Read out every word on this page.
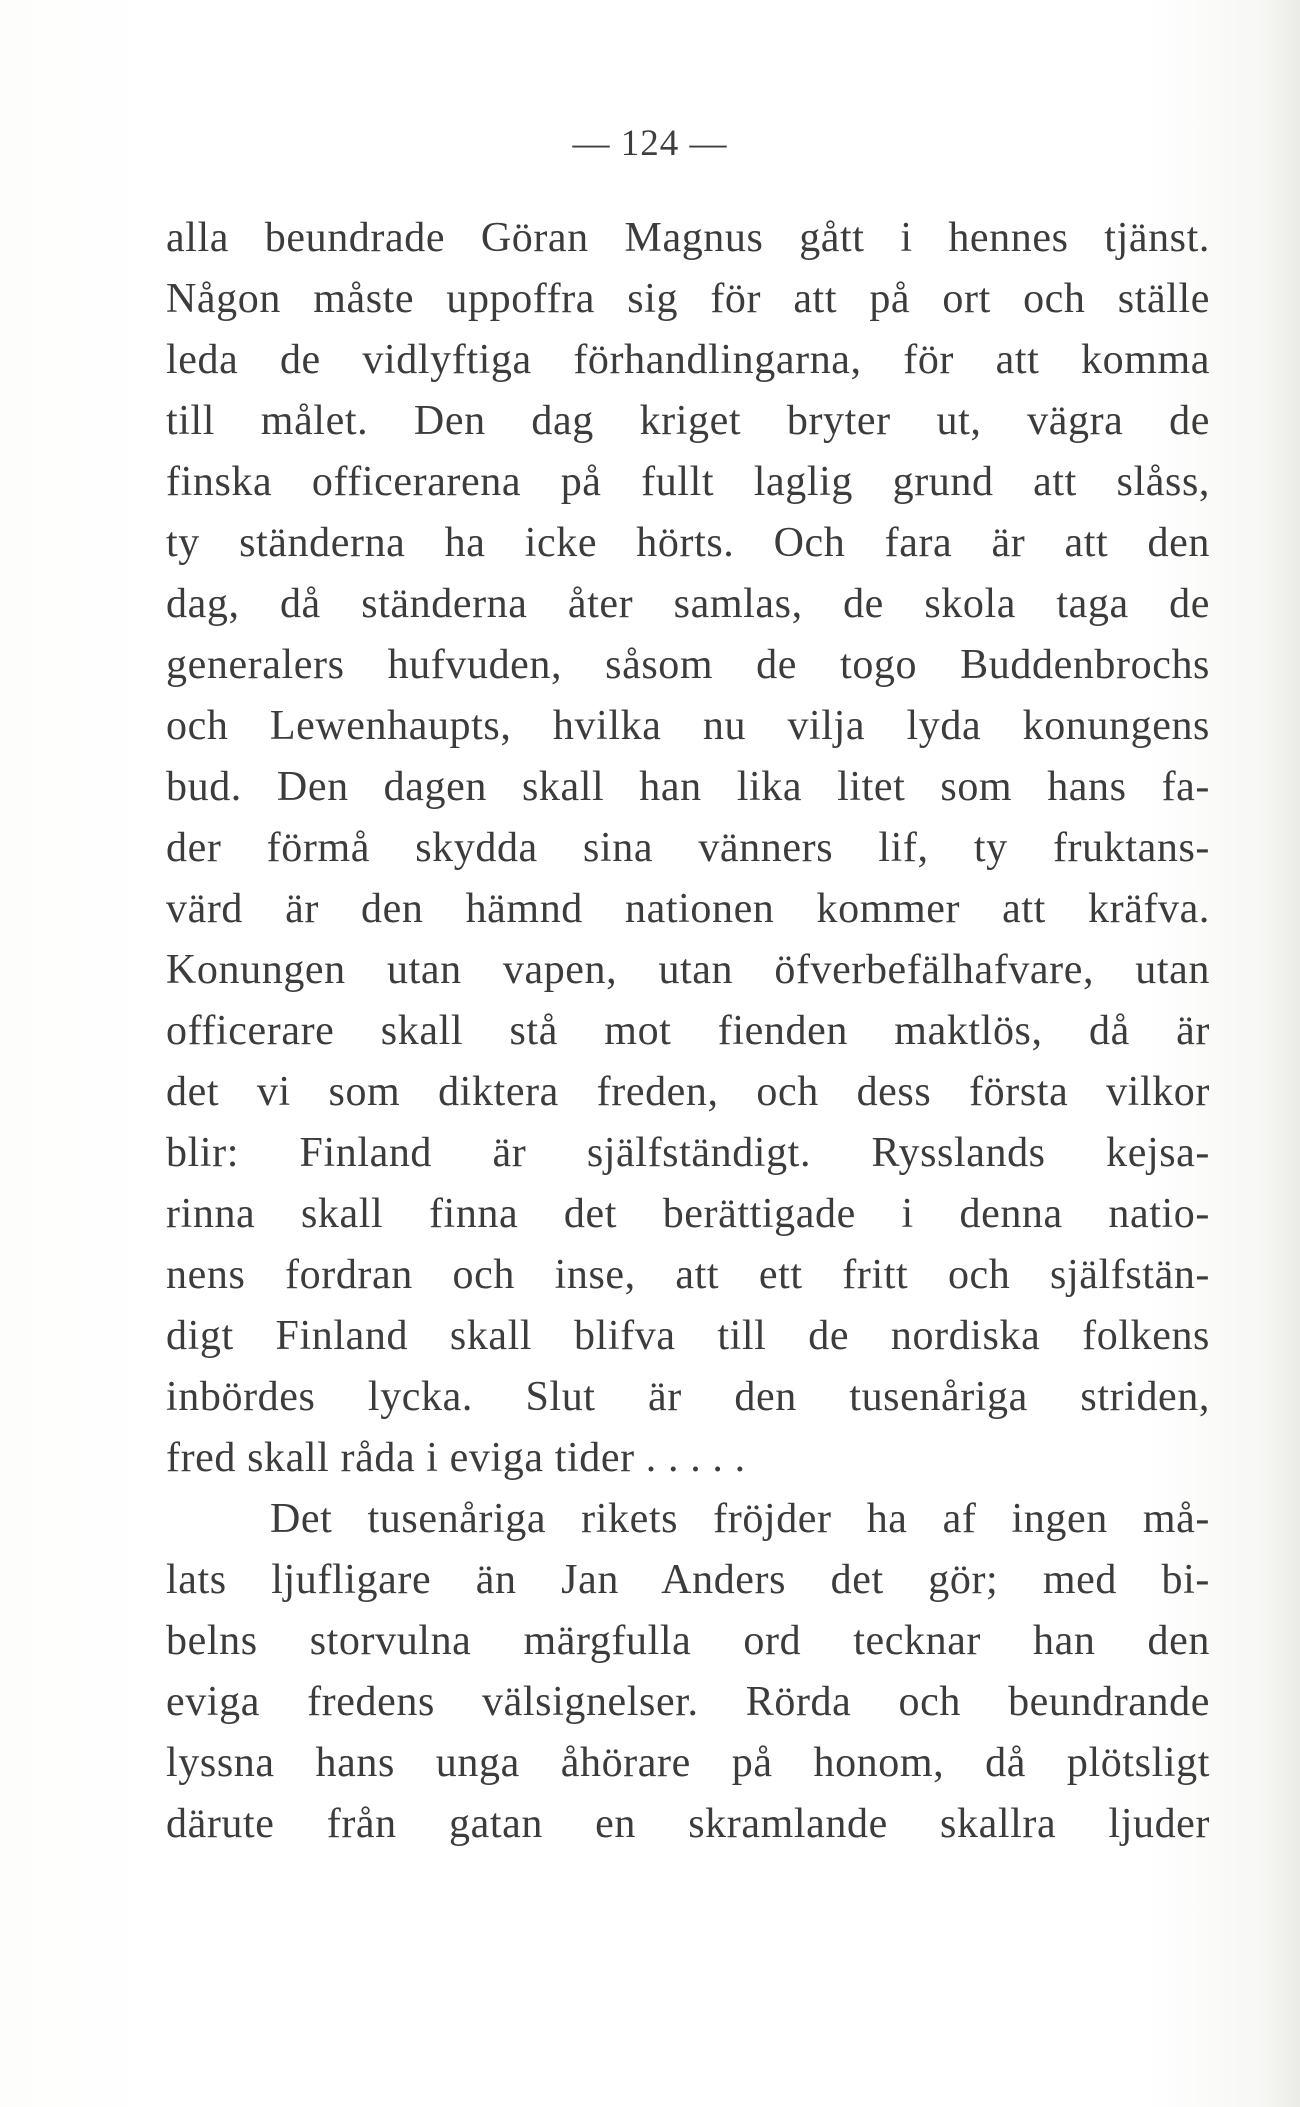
— 124 —
alla beundrade Göran Magnus gått i hennes tjänst.
Någon måste uppoffra sig för att på ort och ställe
leda de vidlyftiga förhandlingarna, för att komma
till målet. Den dag kriget bryter ut, vägra de
finska officerarena på fullt laglig grund att slåss,
ty ständerna ha icke hörts. Och fara är att den
dag, då ständerna åter samlas, de skola taga de
generalers hufvuden, såsom de togo Buddenbrochs
och Lewenhaupts, hvilka nu vilja lyda konungens
bud. Den dagen skall han lika litet som hans fa-
der förmå skydda sina vänners lif, ty fruktans-
värd är den hämnd nationen kommer att kräfva.
Konungen utan vapen, utan öfverbefälhafvare, utan
officerare skall stå mot fienden maktlös, då är
det vi som diktera freden, och dess första vilkor
blir: Finland är själfständigt. Rysslands kejsa-
rinna skall finna det berättigade i denna natio-
nens fordran och inse, att ett fritt och själfstän-
digt Finland skall blifva till de nordiska folkens
inbördes lycka. Slut är den tusenåriga striden,
fred skall råda i eviga tider . . . . .
Det tusenåriga rikets fröjder ha af ingen må-
lats ljufligare än Jan Anders det gör; med bi-
belns storvulna märgfulla ord tecknar han den
eviga fredens välsignelser. Rörda och beundrande
lyssna hans unga åhörare på honom, då plötsligt
därute från gatan en skramlande skallra ljuder
